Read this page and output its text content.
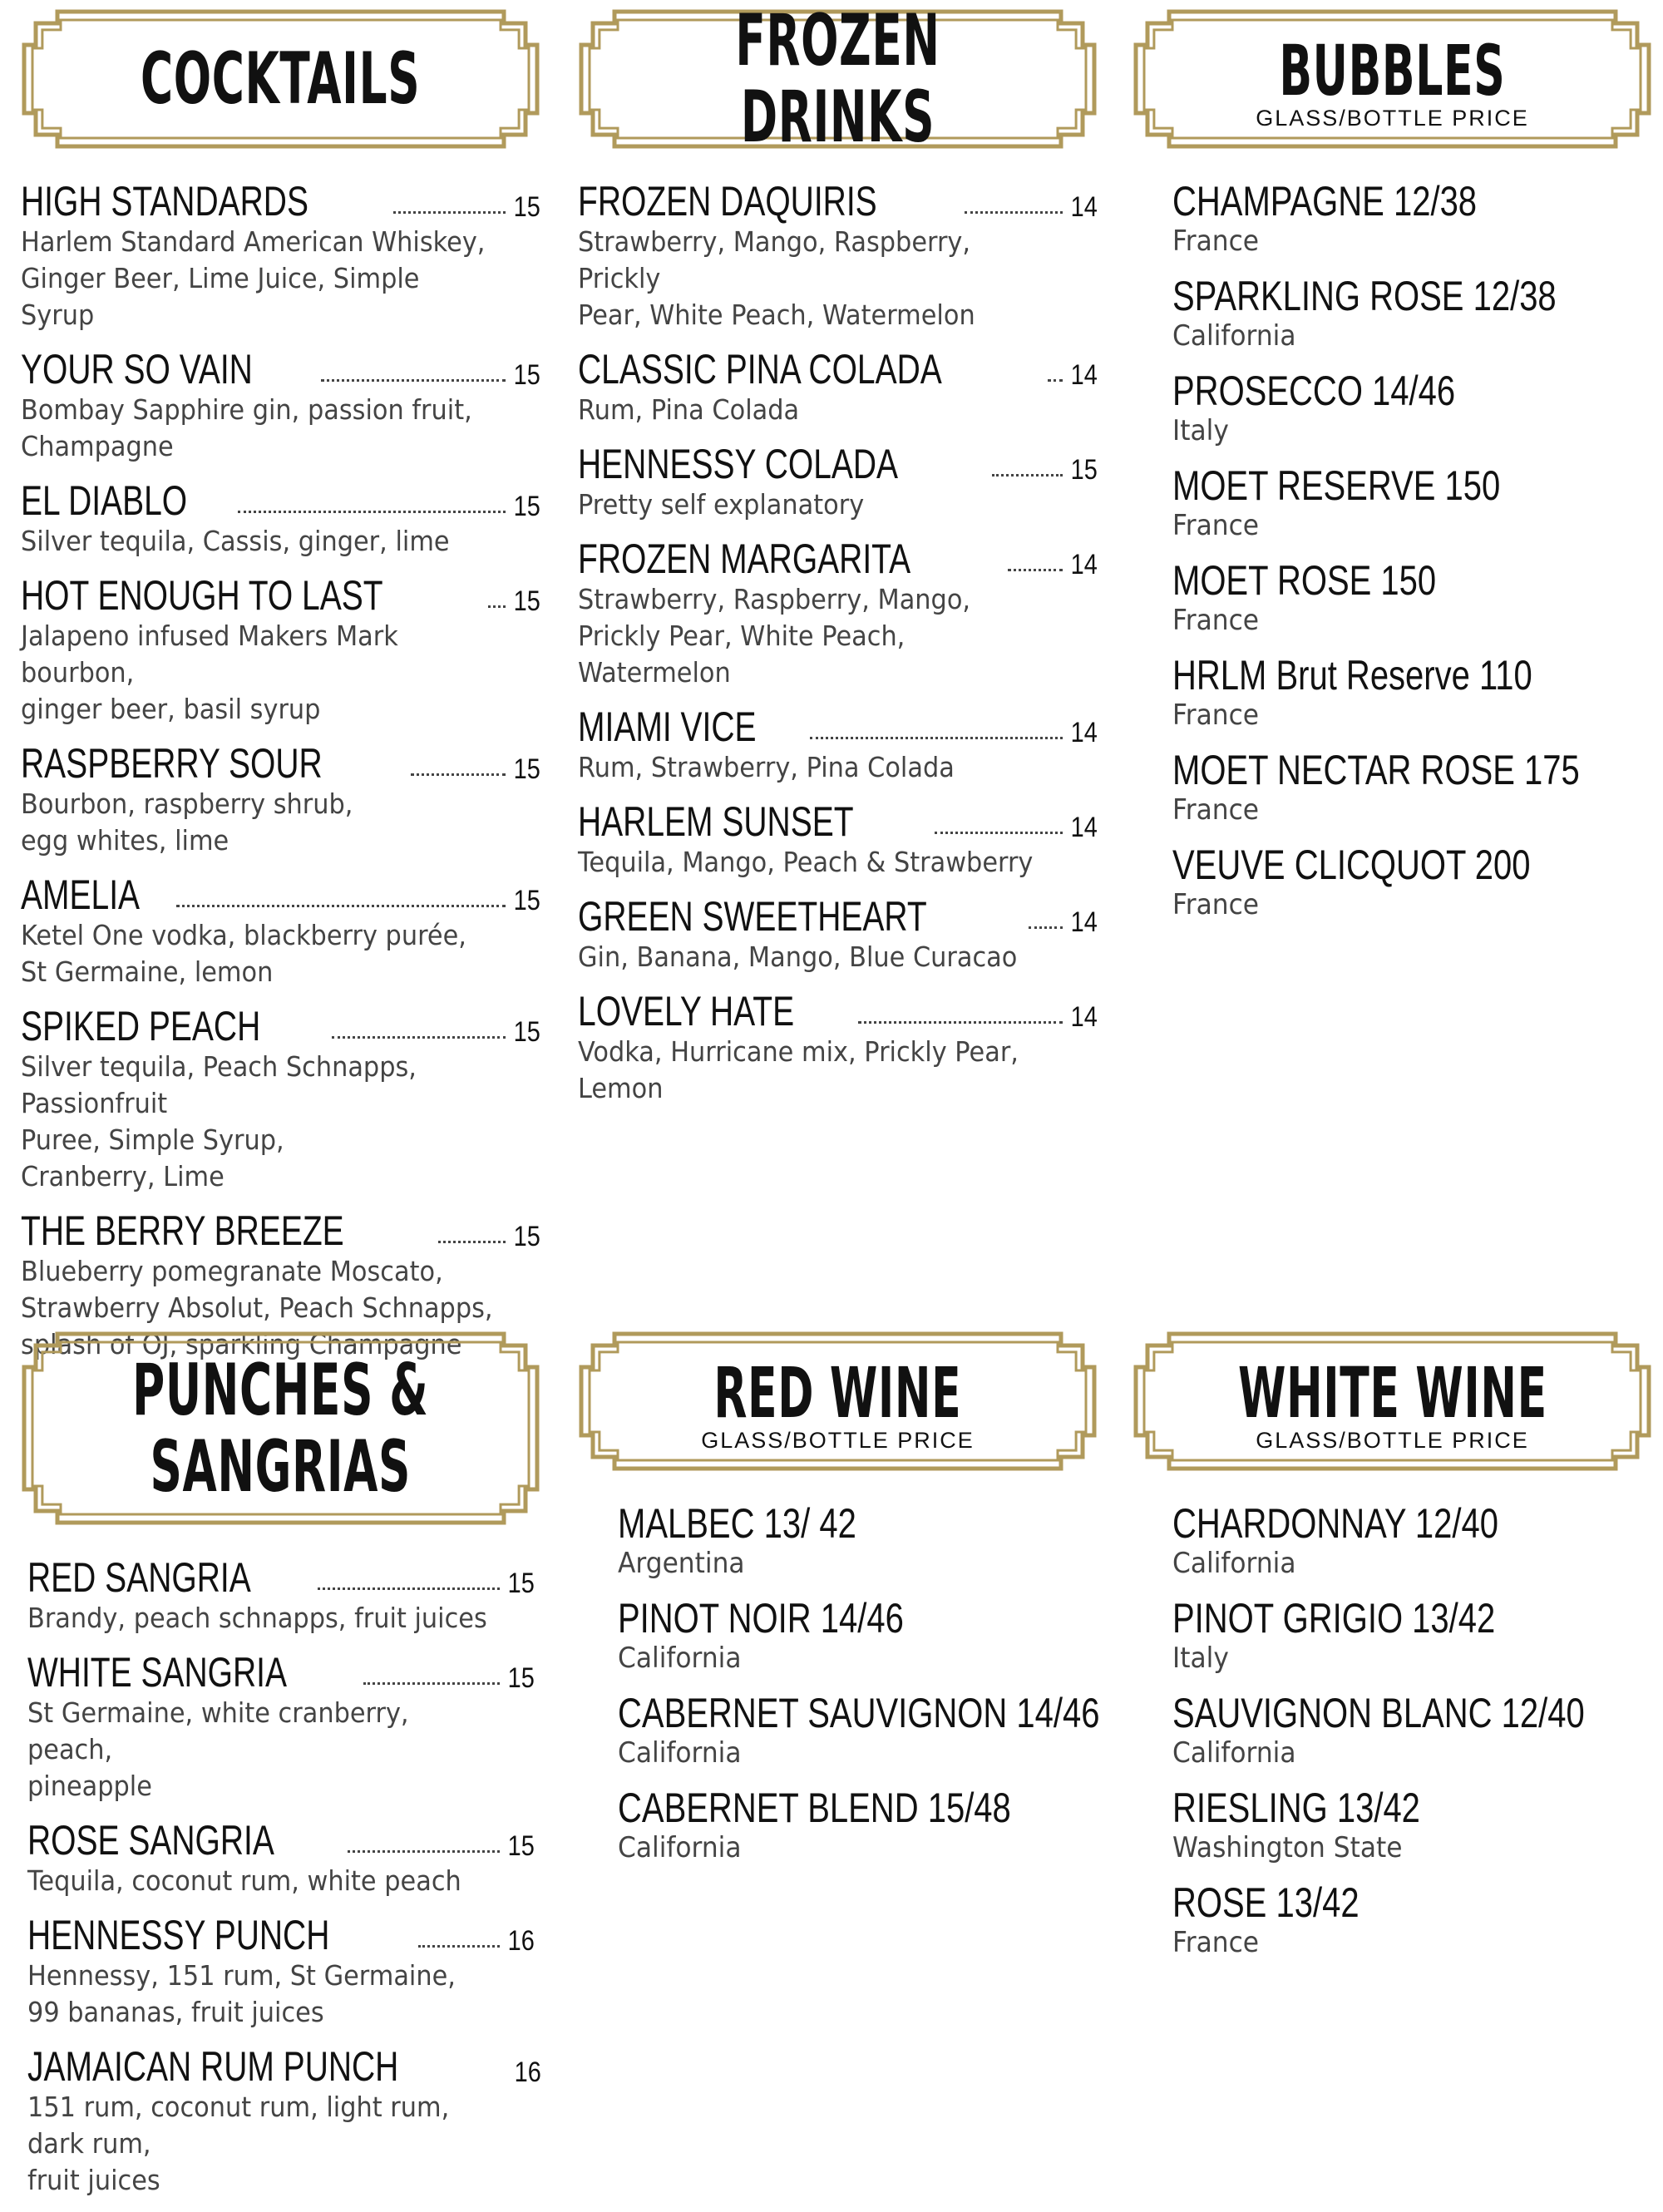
COCKTAILS
HIGH STANDARDS	15
Harlem Standard American Whiskey,
Ginger Beer, Lime Juice, Simple Syrup
YOUR SO VAIN	15
Bombay Sapphire gin, passion fruit,
Champagne
EL DIABLO	15
Silver tequila, Cassis, ginger, lime
HOT ENOUGH TO LAST	15
Jalapeno infused Makers Mark bourbon,
ginger beer, basil syrup
RASPBERRY SOUR	15
Bourbon, raspberry shrub,
egg whites, lime
AMELIA	15
Ketel One vodka, blackberry purée,
St Germaine, lemon
SPIKED PEACH	15
Silver tequila, Peach Schnapps, Passionfruit
Puree, Simple Syrup,
Cranberry, Lime
THE BERRY BREEZE	15
Blueberry pomegranate Moscato,
Strawberry Absolut, Peach Schnapps,
splash of OJ, sparkling Champagne
FROZEN DRINKS
FROZEN DAQUIRIS	14
Strawberry, Mango, Raspberry, Prickly
Pear, White Peach, Watermelon
CLASSIC PINA COLADA	14
Rum, Pina Colada
HENNESSY COLADA	15
Pretty self explanatory
FROZEN MARGARITA	14
Strawberry, Raspberry, Mango,
Prickly Pear, White Peach, Watermelon
MIAMI VICE	14
Rum, Strawberry, Pina Colada
HARLEM SUNSET	14
Tequila, Mango, Peach & Strawberry
GREEN SWEETHEART	14
Gin, Banana, Mango, Blue Curacao
LOVELY HATE	14
Vodka, Hurricane mix, Prickly Pear, Lemon
BUBBLES
GLASS/BOTTLE PRICE
CHAMPAGNE 12/38
France
SPARKLING ROSE 12/38
California
PROSECCO 14/46
Italy
MOET RESERVE 150
France
MOET ROSE 150
France
HRLM Brut Reserve 110
France
MOET NECTAR ROSE 175
France
VEUVE CLICQUOT 200
France
PUNCHES &
SANGRIAS
RED SANGRIA	15
Brandy, peach schnapps, fruit juices
WHITE SANGRIA	15
St Germaine, white cranberry, peach,
pineapple
ROSE SANGRIA	15
Tequila, coconut rum, white peach
HENNESSY PUNCH	16
Hennessy, 151 rum, St Germaine,
99 bananas, fruit juices
JAMAICAN RUM PUNCH	16
151 rum, coconut rum, light rum, dark rum,
fruit juices
RED WINE
GLASS/BOTTLE PRICE
MALBEC 13/ 42
Argentina
PINOT NOIR 14/46
California
CABERNET SAUVIGNON 14/46
California
CABERNET BLEND 15/48
California
WHITE WINE
GLASS/BOTTLE PRICE
CHARDONNAY 12/40
California
PINOT GRIGIO 13/42
Italy
SAUVIGNON BLANC 12/40
California
RIESLING 13/42
Washington State
ROSE 13/42
France
